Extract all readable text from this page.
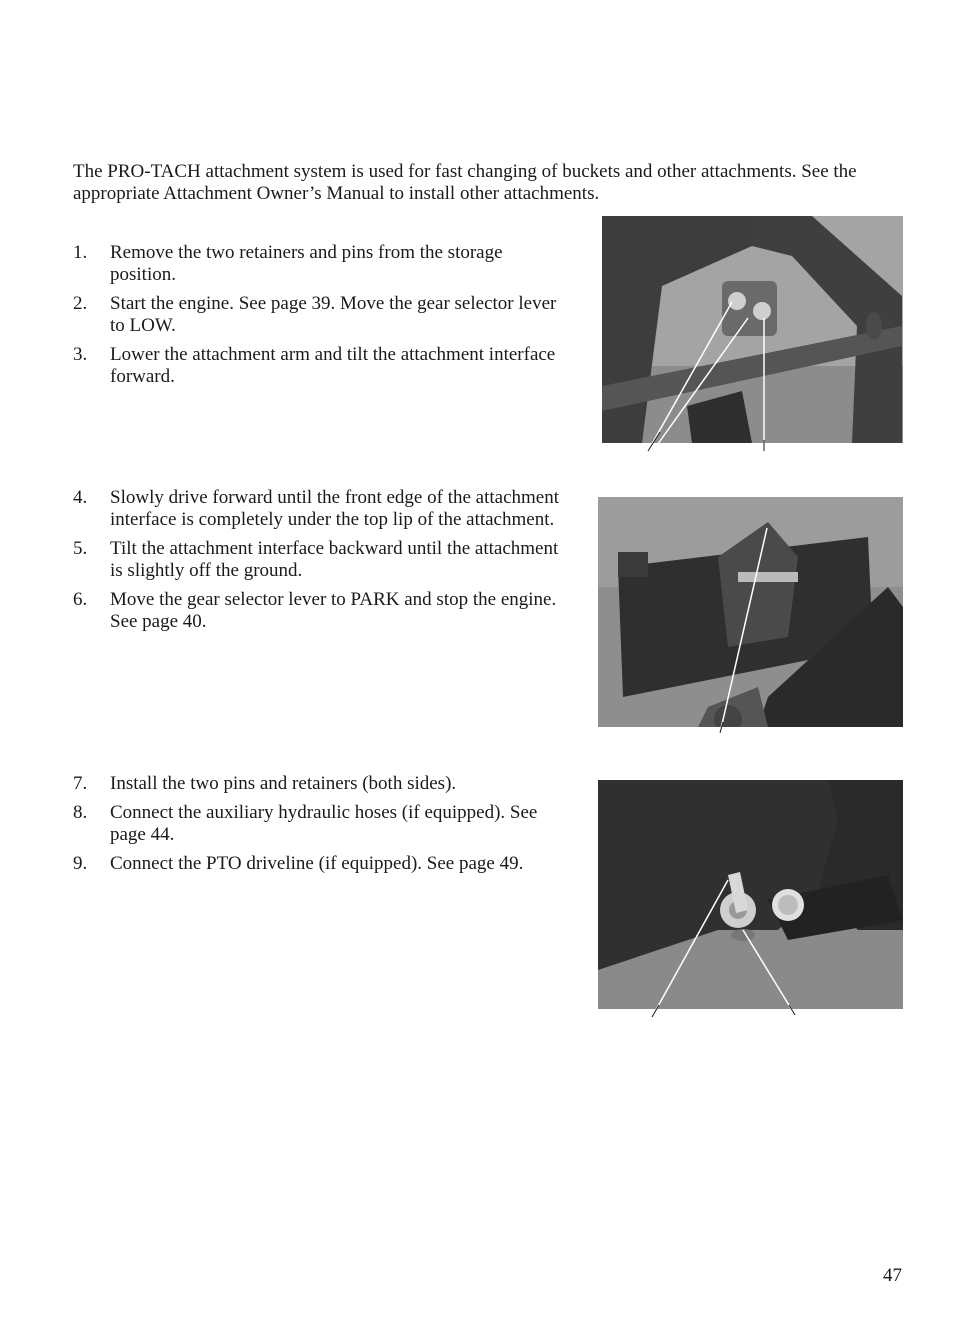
The PRO-TACH attachment system is used for fast changing of buckets and other attachments. See the appropriate Attachment Owner’s Manual to install other attachments.

1. Remove the two retainers and pins from the storage position.
2. Start the engine. See page 39. Move the gear selector lever to LOW.
3. Lower the attachment arm and tilt the attachment interface forward.
4. Slowly drive forward until the front edge of the attachment interface is completely under the top lip of the attachment.
5. Tilt the attachment interface backward until the attachment is slightly off the ground.
6. Move the gear selector lever to PARK and stop the engine. See page 40.
7. Install the two pins and retainers (both sides).
8. Connect the auxiliary hydraulic hoses (if equipped). See page 44.
9. Connect the PTO driveline (if equipped). See page 49.
47
